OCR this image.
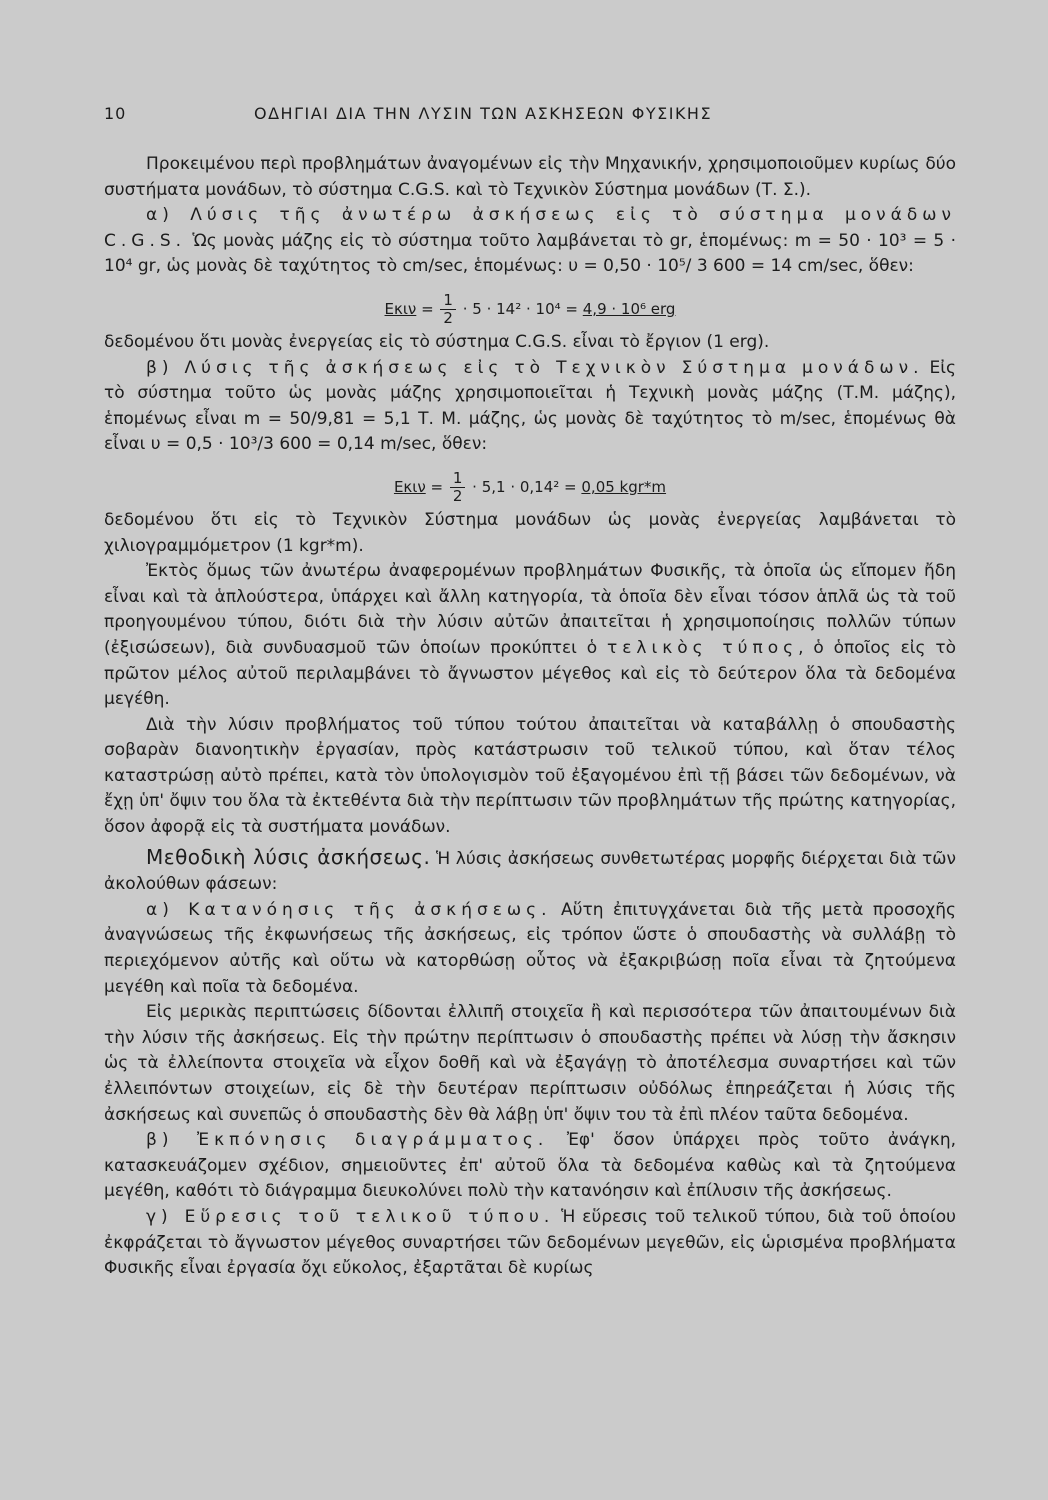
10	ΟΔΗΓΙΑΙ ΔΙΑ ΤΗΝ ΛΥΣΙΝ ΤΩΝ ΑΣΚΗΣΕΩΝ ΦΥΣΙΚΗΣ

Προκειμένου περὶ προβλημάτων ἀναγομένων εἰς τὴν Μηχανικήν, χρησιμοποιοῦμεν κυρίως δύο συστήματα μονάδων, τὸ σύστημα C.G.S. καὶ τὸ Τεχνικὸν Σύστημα μονάδων (Τ. Σ.).

α) Λύσις τῆς ἀνωτέρω ἀσκήσεως εἰς τὸ σύστημα μονάδων C.G.S. Ὡς μονὰς μάζης εἰς τὸ σύστημα τοῦτο λαμβάνεται τὸ gr, ἑπομένως: m = 50 · 10³ = 5 · 10⁴ gr, ὡς μονὰς δὲ ταχύτητος τὸ cm/sec, ἑπομένως: υ = 0,50 · 10⁵/ 3 600 = 14 cm/sec, ὅθεν:

$E\kappa\iota\nu = \frac{1}{2} \cdot 5 \cdot 14^2 \cdot 10^4 = 4,9 \cdot 10^6$ erg

δεδομένου ὅτι μονὰς ἐνεργείας εἰς τὸ σύστημα C.G.S. εἶναι τὸ ἔργιον (1 erg).

β) Λύσις τῆς ἀσκήσεως εἰς τὸ Τεχνικὸν Σύστημα μονάδων. Εἰς τὸ σύστημα τοῦτο ὡς μονὰς μάζης χρησιμοποιεῖται ἡ Τεχνικὴ μονὰς μάζης (Τ.Μ. μάζης), ἑπομένως εἶναι m = 50/9,81 = 5,1 Τ. Μ. μάζης, ὡς μονὰς δὲ ταχύτητος τὸ m/sec, ἑπομένως θὰ εἶναι υ = 0,5 · 10³/3 600 = 0,14 m/sec, ὅθεν:

$E\kappa\iota\nu = \frac{1}{2} \cdot 5,1 \cdot 0,14^2 = 0,05$ kgr*m

δεδομένου ὅτι εἰς τὸ Τεχνικὸν Σύστημα μονάδων ὡς μονὰς ἐνεργείας λαμβάνεται τὸ χιλιογραμμόμετρον (1 kgr*m).

Ἐκτὸς ὅμως τῶν ἀνωτέρω ἀναφερομένων προβλημάτων Φυσικῆς, τὰ ὁποῖα ὡς εἴπομεν ἤδη εἶναι καὶ τὰ ἁπλούστερα, ὑπάρχει καὶ ἄλλη κατηγορία, τὰ ὁποῖα δὲν εἶναι τόσον ἁπλᾶ ὡς τὰ τοῦ προηγουμένου τύπου, διότι διὰ τὴν λύσιν αὐτῶν ἀπαιτεῖται ἡ χρησιμοποίησις πολλῶν τύπων (ἐξισώσεων), διὰ συνδυασμοῦ τῶν ὁποίων προκύπτει ὁ τελικὸς τύπος, ὁ ὁποῖος εἰς τὸ πρῶτον μέλος αὐτοῦ περιλαμβάνει τὸ ἄγνωστον μέγεθος καὶ εἰς τὸ δεύτερον ὅλα τὰ δεδομένα μεγέθη.

Διὰ τὴν λύσιν προβλήματος τοῦ τύπου τούτου ἀπαιτεῖται νὰ καταβάλλῃ ὁ σπουδαστὴς σοβαρὰν διανοητικὴν ἐργασίαν, πρὸς κατάστρωσιν τοῦ τελικοῦ τύπου, καὶ ὅταν τέλος καταστρώσῃ αὐτὸ πρέπει, κατὰ τὸν ὑπολογισμὸν τοῦ ἐξαγομένου ἐπὶ τῇ βάσει τῶν δεδομένων, νὰ ἔχῃ ὑπ' ὄψιν του ὅλα τὰ ἐκτεθέντα διὰ τὴν περίπτωσιν τῶν προβλημάτων τῆς πρώτης κατηγορίας, ὅσον ἀφορᾷ εἰς τὰ συστήματα μονάδων.

Μεθοδικὴ λύσις ἀσκήσεως. Ἡ λύσις ἀσκήσεως συνθετωτέρας μορφῆς διέρχεται διὰ τῶν ἀκολούθων φάσεων:

α) Κατανόησις τῆς ἀσκήσεως. Αὕτη ἐπιτυγχάνεται διὰ τῆς μετὰ προσοχῆς ἀναγνώσεως τῆς ἐκφωνήσεως τῆς ἀσκήσεως, εἰς τρόπον ὥστε ὁ σπουδαστὴς νὰ συλλάβῃ τὸ περιεχόμενον αὐτῆς καὶ οὕτω νὰ κατορθώσῃ οὗτος νὰ ἐξακριβώσῃ ποῖα εἶναι τὰ ζητούμενα μεγέθη καὶ ποῖα τὰ δεδομένα.

Εἰς μερικὰς περιπτώσεις δίδονται ἐλλιπῆ στοιχεῖα ἢ καὶ περισσότερα τῶν ἀπαιτουμένων διὰ τὴν λύσιν τῆς ἀσκήσεως. Εἰς τὴν πρώτην περίπτωσιν ὁ σπουδαστὴς πρέπει νὰ λύσῃ τὴν ἄσκησιν ὡς τὰ ἐλλείποντα στοιχεῖα νὰ εἶχον δοθῆ καὶ νὰ ἐξαγάγῃ τὸ ἀποτέλεσμα συναρτήσει καὶ τῶν ἐλλειπόντων στοιχείων, εἰς δὲ τὴν δευτέραν περίπτωσιν οὐδόλως ἐπηρεάζεται ἡ λύσις τῆς ἀσκήσεως καὶ συνεπῶς ὁ σπουδαστὴς δὲν θὰ λάβῃ ὑπ' ὄψιν του τὰ ἐπὶ πλέον ταῦτα δεδομένα.

β) Ἐκπόνησις διαγράμματος. Ἐφ' ὅσον ὑπάρχει πρὸς τοῦτο ἀνάγκη, κατασκευάζομεν σχέδιον, σημειοῦντες ἐπ' αὐτοῦ ὅλα τὰ δεδομένα καθὼς καὶ τὰ ζητούμενα μεγέθη, καθότι τὸ διάγραμμα διευκολύνει πολὺ τὴν κατανόησιν καὶ ἐπίλυσιν τῆς ἀσκήσεως.

γ) Εὕρεσις τοῦ τελικοῦ τύπου. Ἡ εὕρεσις τοῦ τελικοῦ τύπου, διὰ τοῦ ὁποίου ἐκφράζεται τὸ ἄγνωστον μέγεθος συναρτήσει τῶν δεδομένων μεγεθῶν, εἰς ὡρισμένα προβλήματα Φυσικῆς εἶναι ἐργασία ὄχι εὔκολος, ἐξαρτᾶται δὲ κυρίως
